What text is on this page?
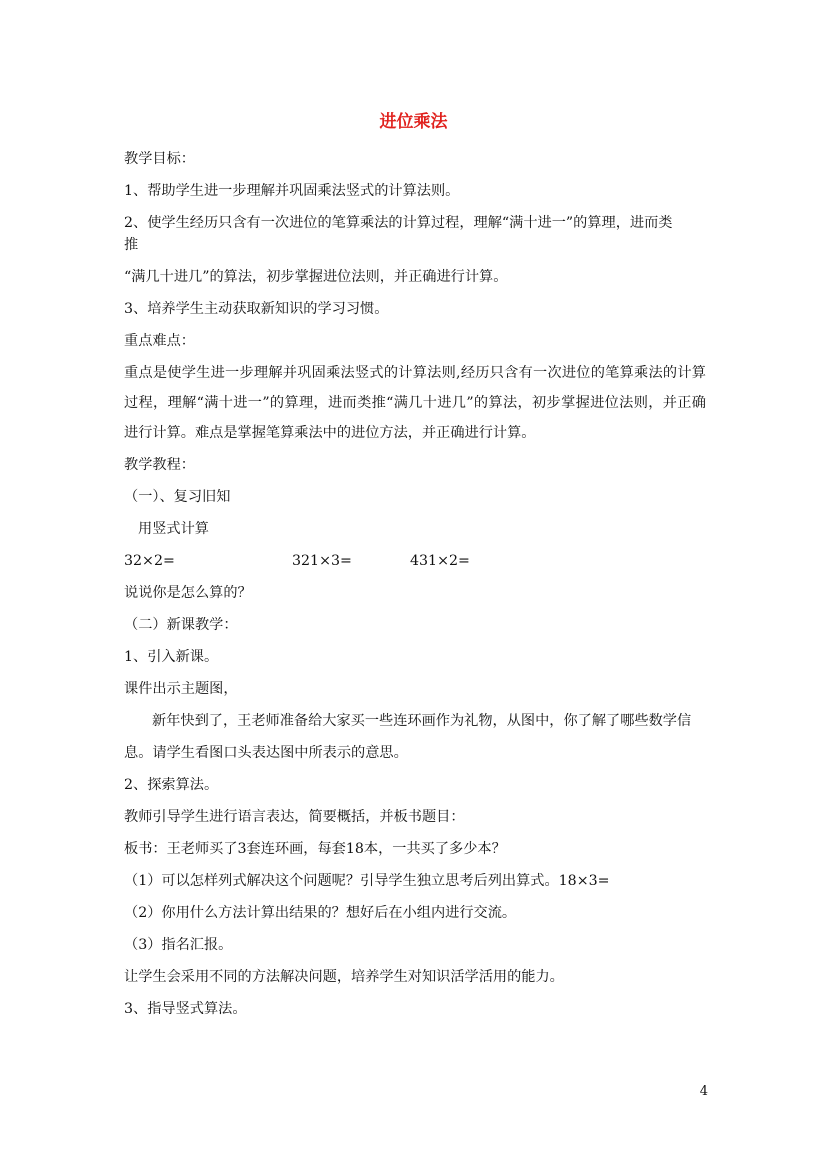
进位乘法
教学目标：
1、帮助学生进一步理解并巩固乘法竖式的计算法则。
2、使学生经历只含有一次进位的笔算乘法的计算过程，理解“满十进一”的算理，进而类
推
“满几十进几”的算法，初步掌握进位法则，并正确进行计算。
3、培养学生主动获取新知识的学习习惯。
重点难点：
重点是使学生进一步理解并巩固乘法竖式的计算法则,经历只含有一次进位的笔算乘法的计算过程，理解“满十进一”的算理，进而类推“满几十进几”的算法，初步掌握进位法则，并正确进行计算。难点是掌握笔算乘法中的进位方法，并正确进行计算。
教学教程：
（一）、复习旧知
用竖式计算
32×2=	321×3=	431×2=
说说你是怎么算的？
（二）新课教学：
1、引入新课。
课件出示主题图，
新年快到了，王老师准备给大家买一些连环画作为礼物，从图中，你了解了哪些数学信
息。请学生看图口头表达图中所表示的意思。
2、探索算法。
教师引导学生进行语言表达，简要概括，并板书题目：
板书：王老师买了3套连环画，每套18本，一共买了多少本？
（1）可以怎样列式解决这个问题呢？引导学生独立思考后列出算式。18×3=
（2）你用什么方法计算出结果的？想好后在小组内进行交流。
（3）指名汇报。
让学生会采用不同的方法解决问题，培养学生对知识活学活用的能力。
3、指导竖式算法。
4
